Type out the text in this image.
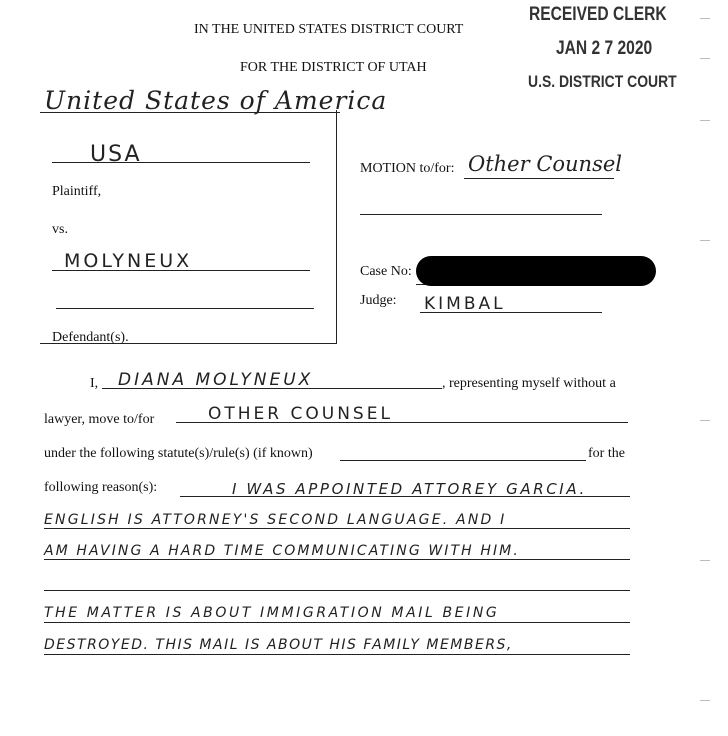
IN THE UNITED STATES DISTRICT COURT
FOR THE DISTRICT OF UTAH
RECEIVED CLERK
JAN 2 7 2020
U.S. DISTRICT COURT
United States of America
USA
Plaintiff,
vs.
MOLYNEUX
Defendant(s).
MOTION to/for: Other Counsel
Case No:
Judge: KIMBAL
I, DIANA MOLYNEUX	, representing myself without a
lawyer, move to/for	OTHER COUNSEL
under the following statute(s)/rule(s) (if known)	for the
following reason(s):	I WAS APPOINTED ATTOREY GARCIA.
ENGLISH IS ATTORNEY'S SECOND LANGUAGE. AND I
AM HAVING A HARD TIME COMMUNICATING WITH HIM.
THE MATTER IS ABOUT IMMIGRATION MAIL BEING
DESTROYED. THIS MAIL IS ABOUT HIS FAMILY MEMBERS,
